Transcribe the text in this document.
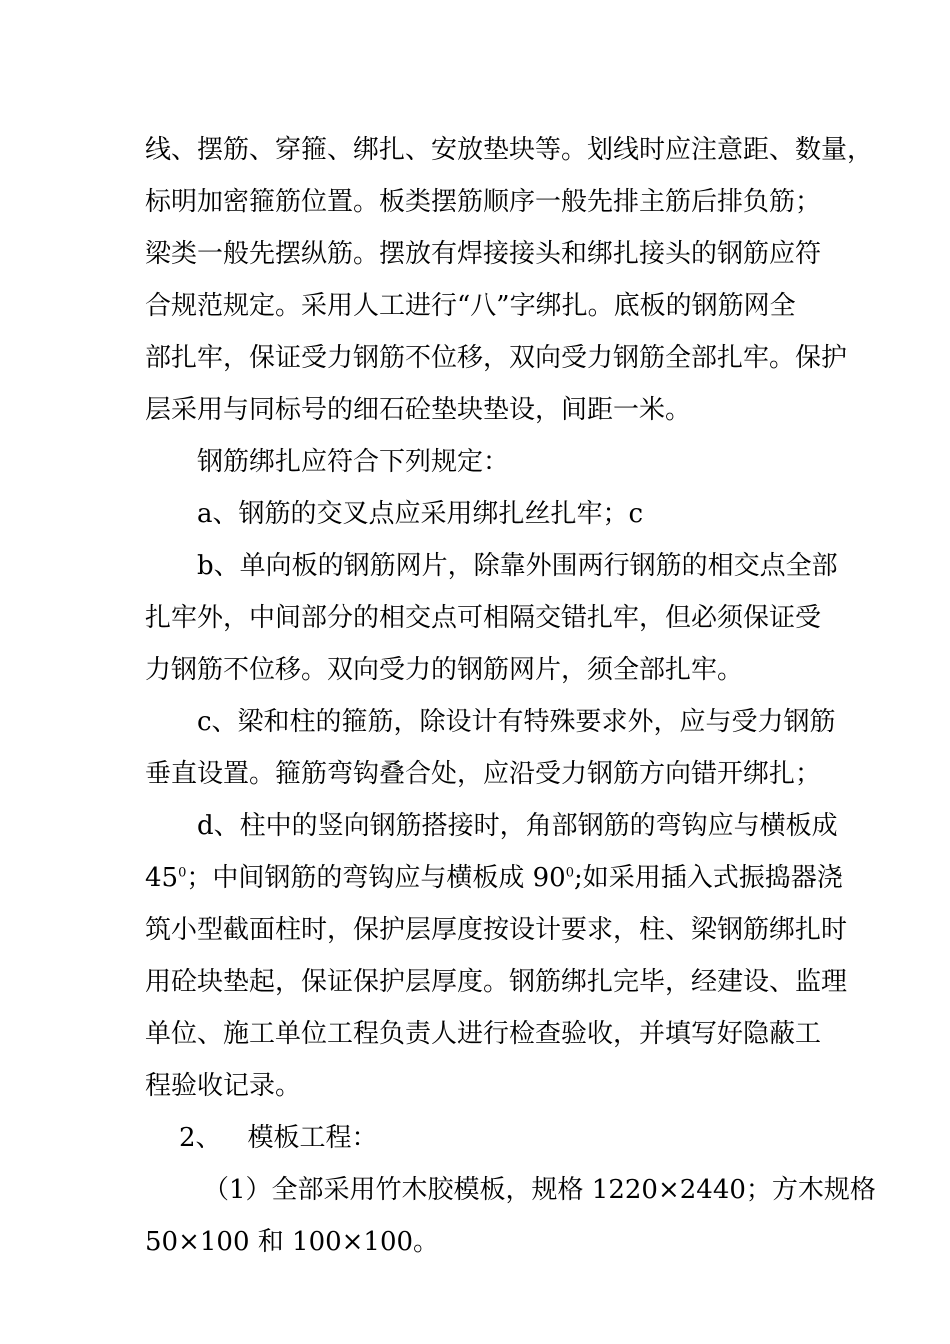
线、摆筋、穿箍、绑扎、安放垫块等。划线时应注意距、数量，
标明加密箍筋位置。板类摆筋顺序一般先排主筋后排负筋；
梁类一般先摆纵筋。摆放有焊接接头和绑扎接头的钢筋应符
合规范规定。采用人工进行“八”字绑扎。底板的钢筋网全
部扎牢，保证受力钢筋不位移，双向受力钢筋全部扎牢。保护
层采用与同标号的细石砼垫块垫设，间距一米。
钢筋绑扎应符合下列规定：
a、钢筋的交叉点应采用绑扎丝扎牢；c
b、单向板的钢筋网片，除靠外围两行钢筋的相交点全部
扎牢外，中间部分的相交点可相隔交错扎牢，但必须保证受
力钢筋不位移。双向受力的钢筋网片，须全部扎牢。
c、梁和柱的箍筋，除设计有特殊要求外，应与受力钢筋
垂直设置。箍筋弯钩叠合处，应沿受力钢筋方向错开绑扎；
d、柱中的竖向钢筋搭接时，角部钢筋的弯钩应与横板成
$45^0$；中间钢筋的弯钩应与横板成 $90^0$;如采用插入式振捣器浇
筑小型截面柱时，保护层厚度按设计要求，柱、梁钢筋绑扎时
用砼块垫起，保证保护层厚度。钢筋绑扎完毕，经建设、监理
单位、施工单位工程负责人进行检查验收，并填写好隐蔽工
程验收记录。
2、 模板工程：
（1）全部采用竹木胶模板，规格 1220×2440；方木规格
50×100 和 100×100。
